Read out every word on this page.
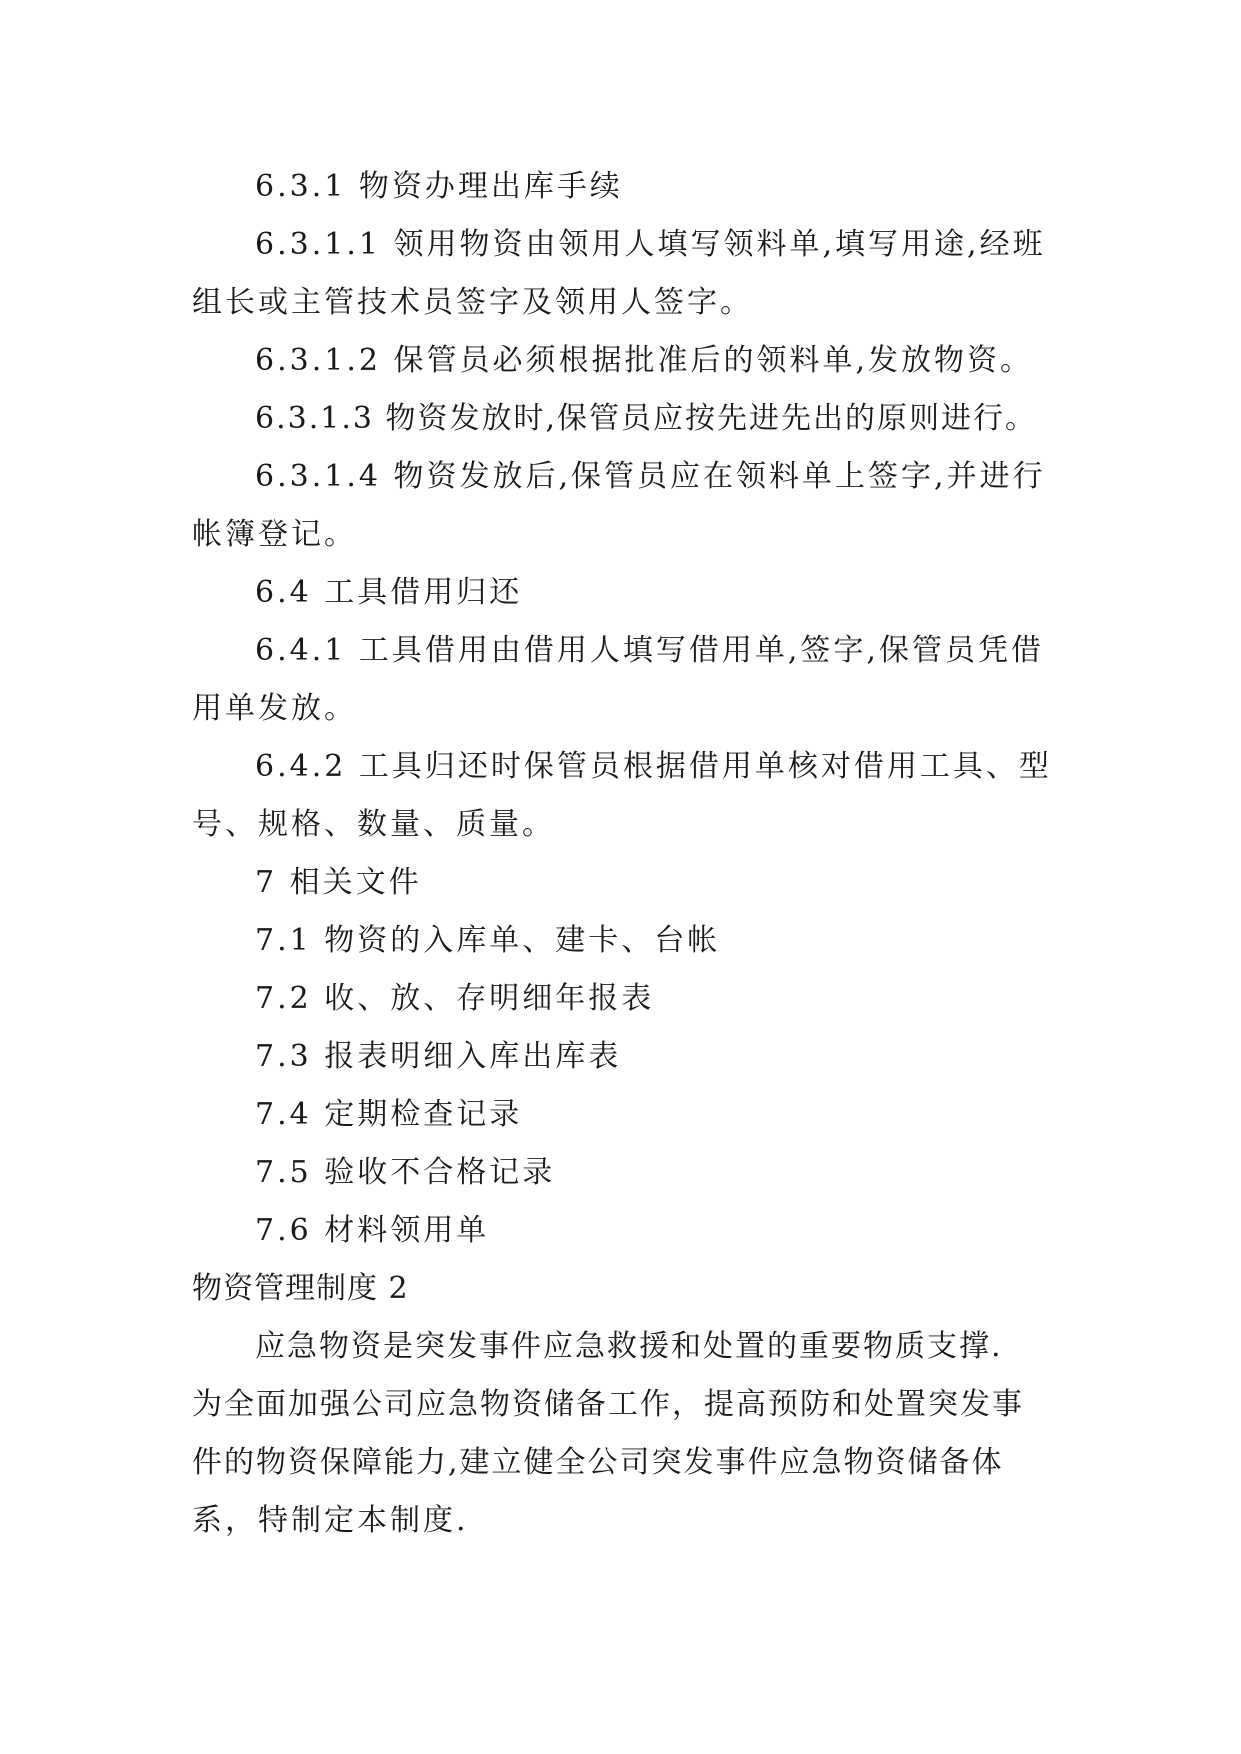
6.3.1 物资办理出库手续
6.3.1.1 领用物资由领用人填写领料单,填写用途,经班
组长或主管技术员签字及领用人签字。
6.3.1.2 保管员必须根据批准后的领料单,发放物资。
6.3.1.3 物资发放时,保管员应按先进先出的原则进行。
6.3.1.4 物资发放后,保管员应在领料单上签字,并进行
帐簿登记。
6.4 工具借用归还
6.4.1 工具借用由借用人填写借用单,签字,保管员凭借
用单发放。
6.4.2 工具归还时保管员根据借用单核对借用工具、型
号、规格、数量、质量。
7 相关文件
7.1 物资的入库单、建卡、台帐
7.2 收、放、存明细年报表
7.3 报表明细入库出库表
7.4 定期检查记录
7.5 验收不合格记录
7.6 材料领用单
物资管理制度 2
应急物资是突发事件应急救援和处置的重要物质支撑.
为全面加强公司应急物资储备工作，提高预防和处置突发事
件的物资保障能力,建立健全公司突发事件应急物资储备体
系，特制定本制度.
